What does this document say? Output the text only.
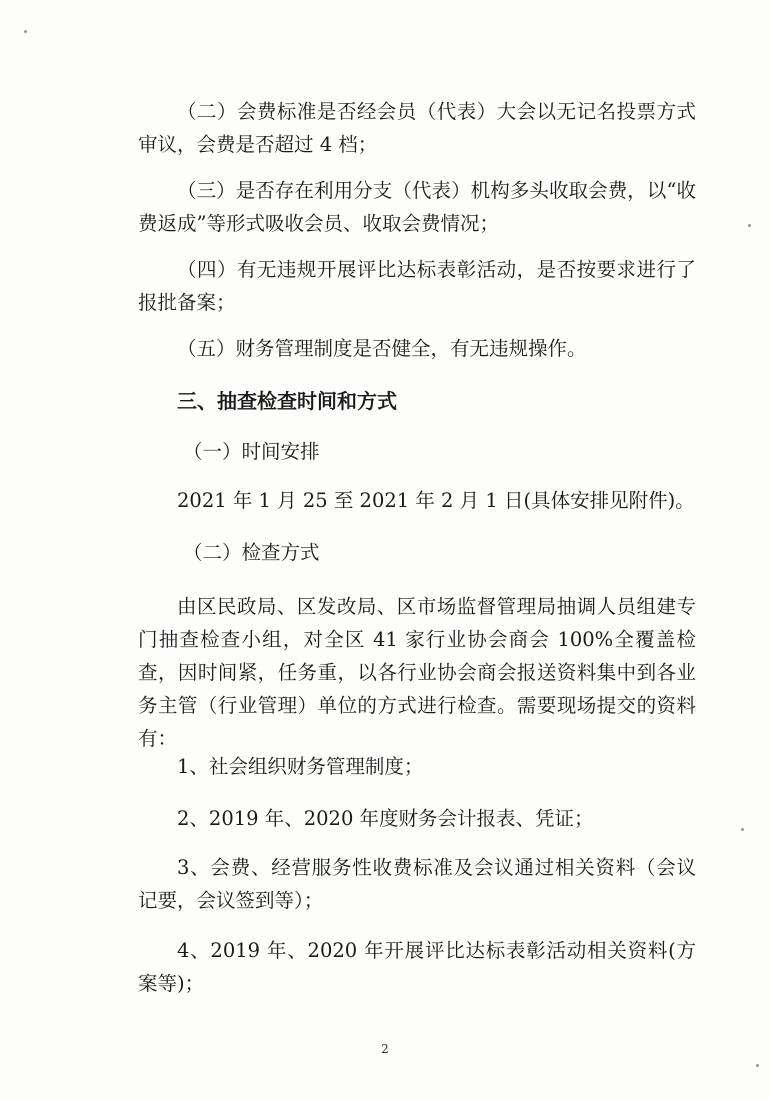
（二）会费标准是否经会员（代表）大会以无记名投票方式审议，会费是否超过 4 档；
（三）是否存在利用分支（代表）机构多头收取会费，以“收费返成”等形式吸收会员、收取会费情况；
（四）有无违规开展评比达标表彰活动，是否按要求进行了报批备案；
（五）财务管理制度是否健全，有无违规操作。
三、抽查检查时间和方式
（一）时间安排
2021 年 1 月 25 至 2021 年 2 月 1 日(具体安排见附件)。
（二）检查方式
由区民政局、区发改局、区市场监督管理局抽调人员组建专门抽查检查小组，对全区 41 家行业协会商会 100%全覆盖检查，因时间紧，任务重，以各行业协会商会报送资料集中到各业务主管（行业管理）单位的方式进行检查。需要现场提交的资料有：
1、社会组织财务管理制度；
2、2019 年、2020 年度财务会计报表、凭证；
3、会费、经营服务性收费标准及会议通过相关资料（会议记要，会议签到等）；
4、2019 年、2020 年开展评比达标表彰活动相关资料(方案等)；
2
